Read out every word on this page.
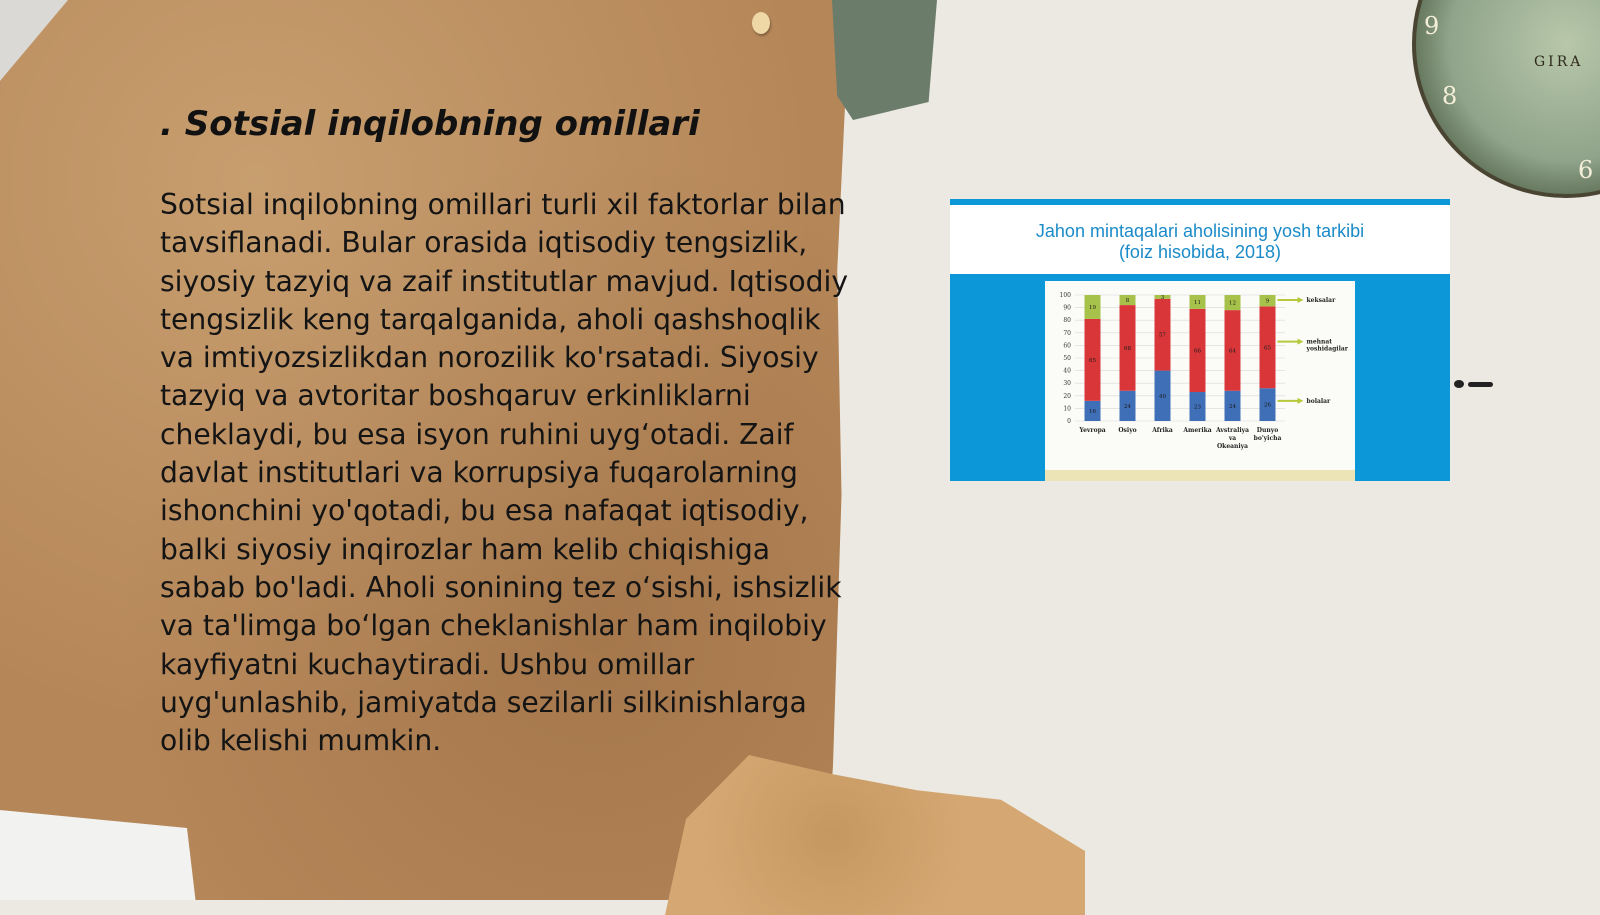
9
8
6
GIRA
. Sotsial inqilobning omillari

Sotsial inqilobning omillari turli xil faktorlar bilan tavsiflanadi. Bular orasida iqtisodiy tengsizlik, siyosiy tazyiq va zaif institutlar mavjud. Iqtisodiy tengsizlik keng tarqalganida, aholi qashshoqlik va imtiyozsizlikdan norozilik ko'rsatadi. Siyosiy tazyiq va avtoritar boshqaruv erkinliklarni cheklaydi, bu esa isyon ruhini uyg‘otadi. Zaif davlat institutlari va korrupsiya fuqarolarning ishonchini yo'qotadi, bu esa nafaqat iqtisodiy, balki siyosiy inqirozlar ham kelib chiqishiga sabab bo'ladi. Aholi sonining tez o‘sishi, ishsizlik va ta'limga bo‘lgan cheklanishlar ham inqilobiy kayfiyatni kuchaytiradi. Ushbu omillar uyg'unlashib, jamiyatda sezilarli silkinishlarga olib kelishi mumkin.

Jahon mintaqalari aholisining yosh tarkibi
(foiz hisobida, 2018)
0
10
20
30
40
50
60
70
80
90
100
16
65
19
Yevropa
24
68
8
Osiyo
40
57
3
Afrika
23
66
11
Amerika
24
64
12
Avstraliya va Okeaniya
26
65
9
Dunyo bo'yicha
keksalar
mehnat yoshidagilar
bolalar
